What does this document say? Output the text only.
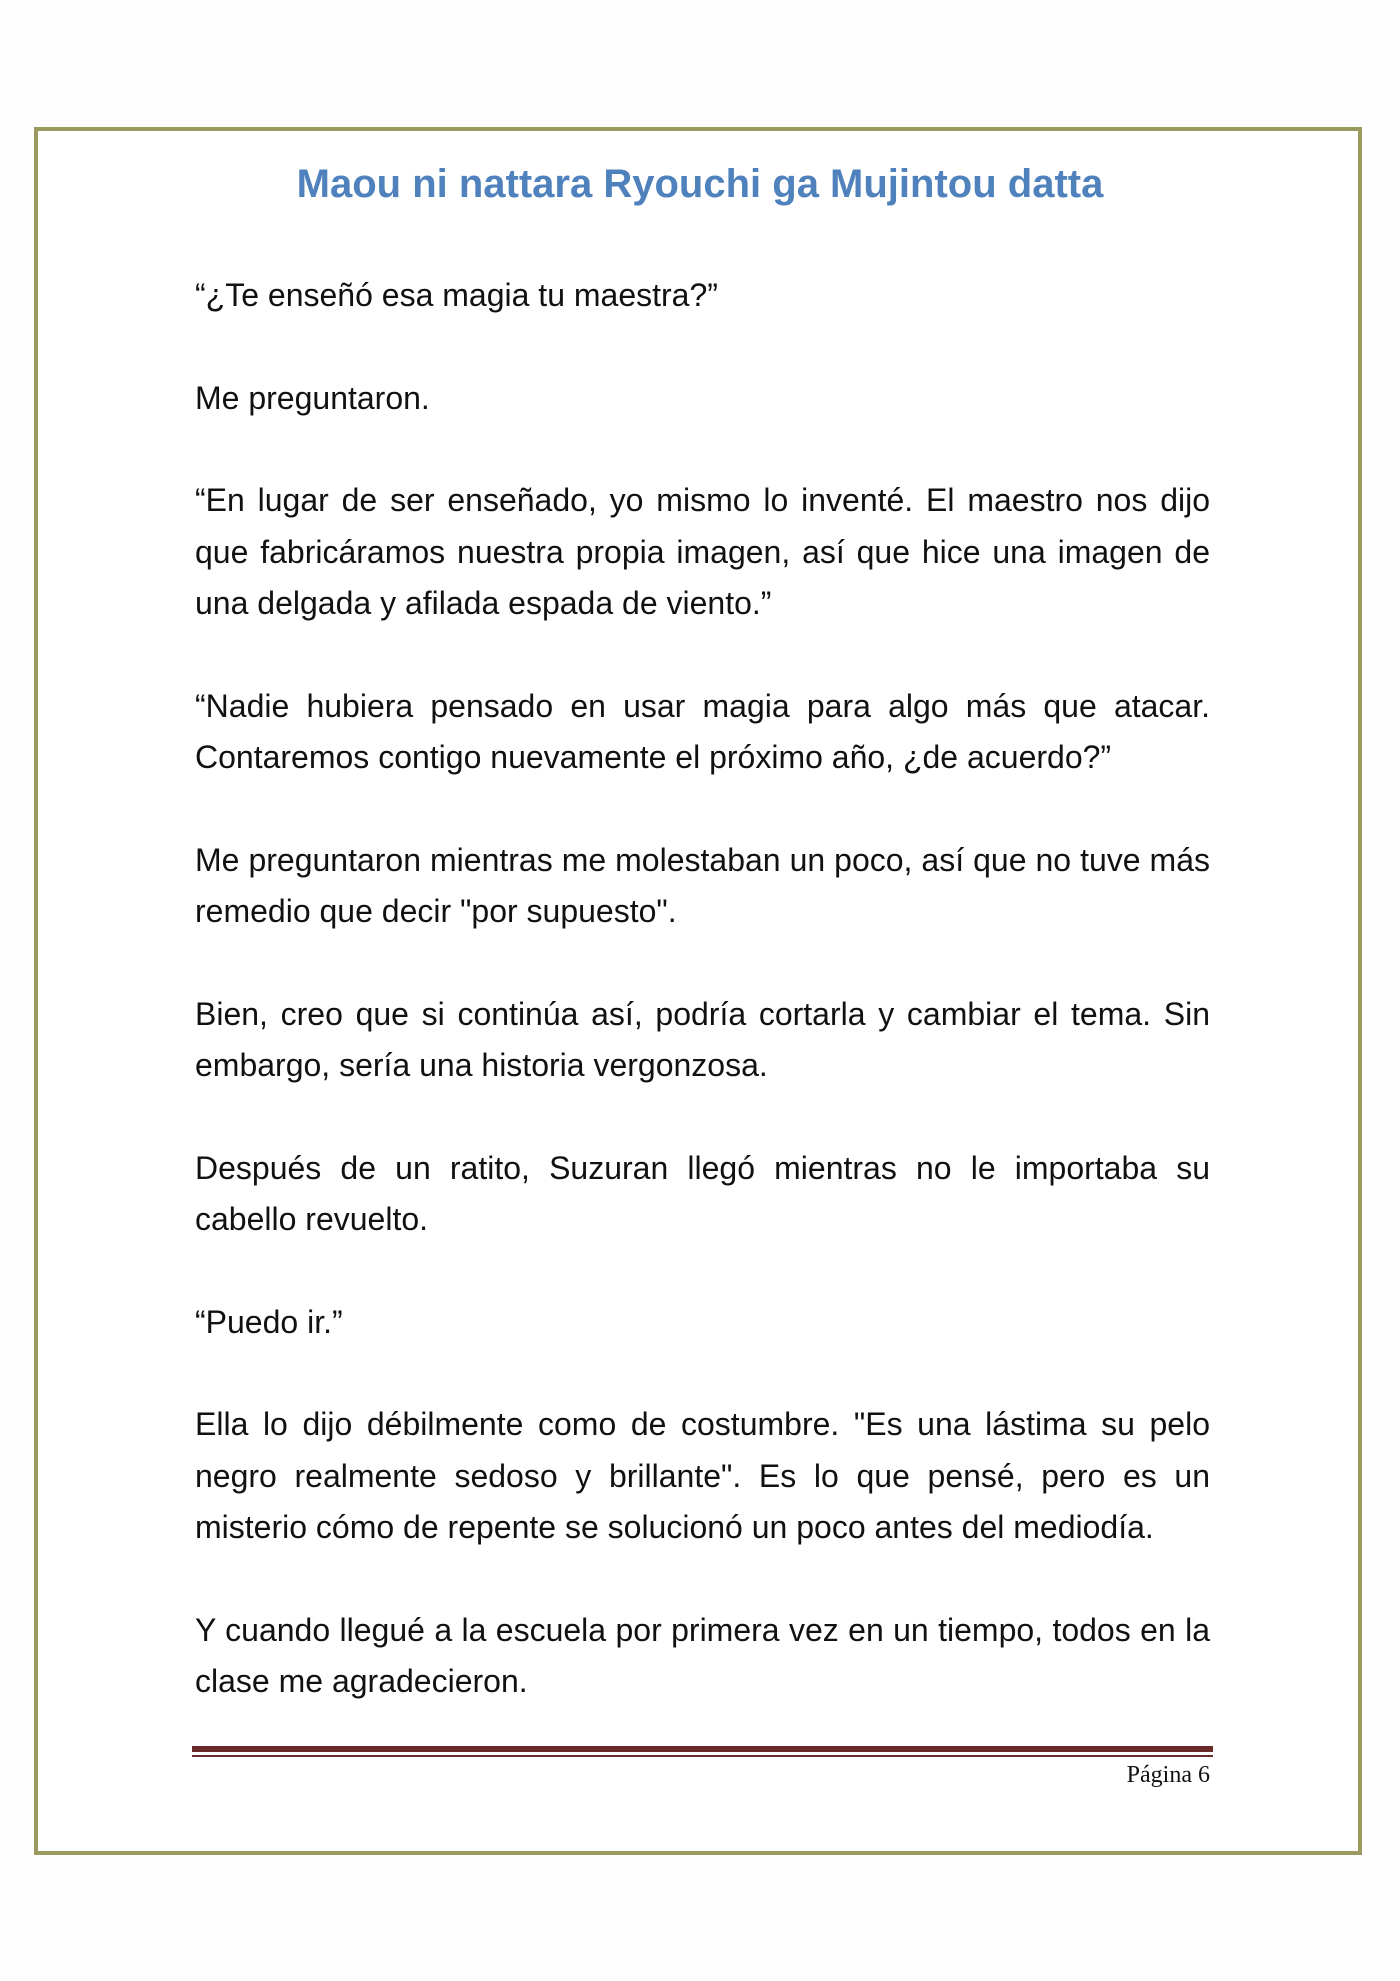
Maou ni nattara Ryouchi ga Mujintou datta

“¿Te enseñó esa magia tu maestra?”

Me preguntaron.

“En lugar de ser enseñado, yo mismo lo inventé. El maestro nos dijo que fabricáramos nuestra propia imagen, así que hice una imagen de una delgada y afilada espada de viento.”

“Nadie hubiera pensado en usar magia para algo más que atacar. Contaremos contigo nuevamente el próximo año, ¿de acuerdo?”

Me preguntaron mientras me molestaban un poco, así que no tuve más remedio que decir "por supuesto".

Bien, creo que si continúa así, podría cortarla y cambiar el tema. Sin embargo, sería una historia vergonzosa.

Después de un ratito, Suzuran llegó mientras no le importaba su cabello revuelto.

“Puedo ir.”

Ella lo dijo débilmente como de costumbre. "Es una lástima su pelo negro realmente sedoso y brillante". Es lo que pensé, pero es un misterio cómo de repente se solucionó un poco antes del mediodía.

Y cuando llegué a la escuela por primera vez en un tiempo, todos en la clase me agradecieron.

Página 6
